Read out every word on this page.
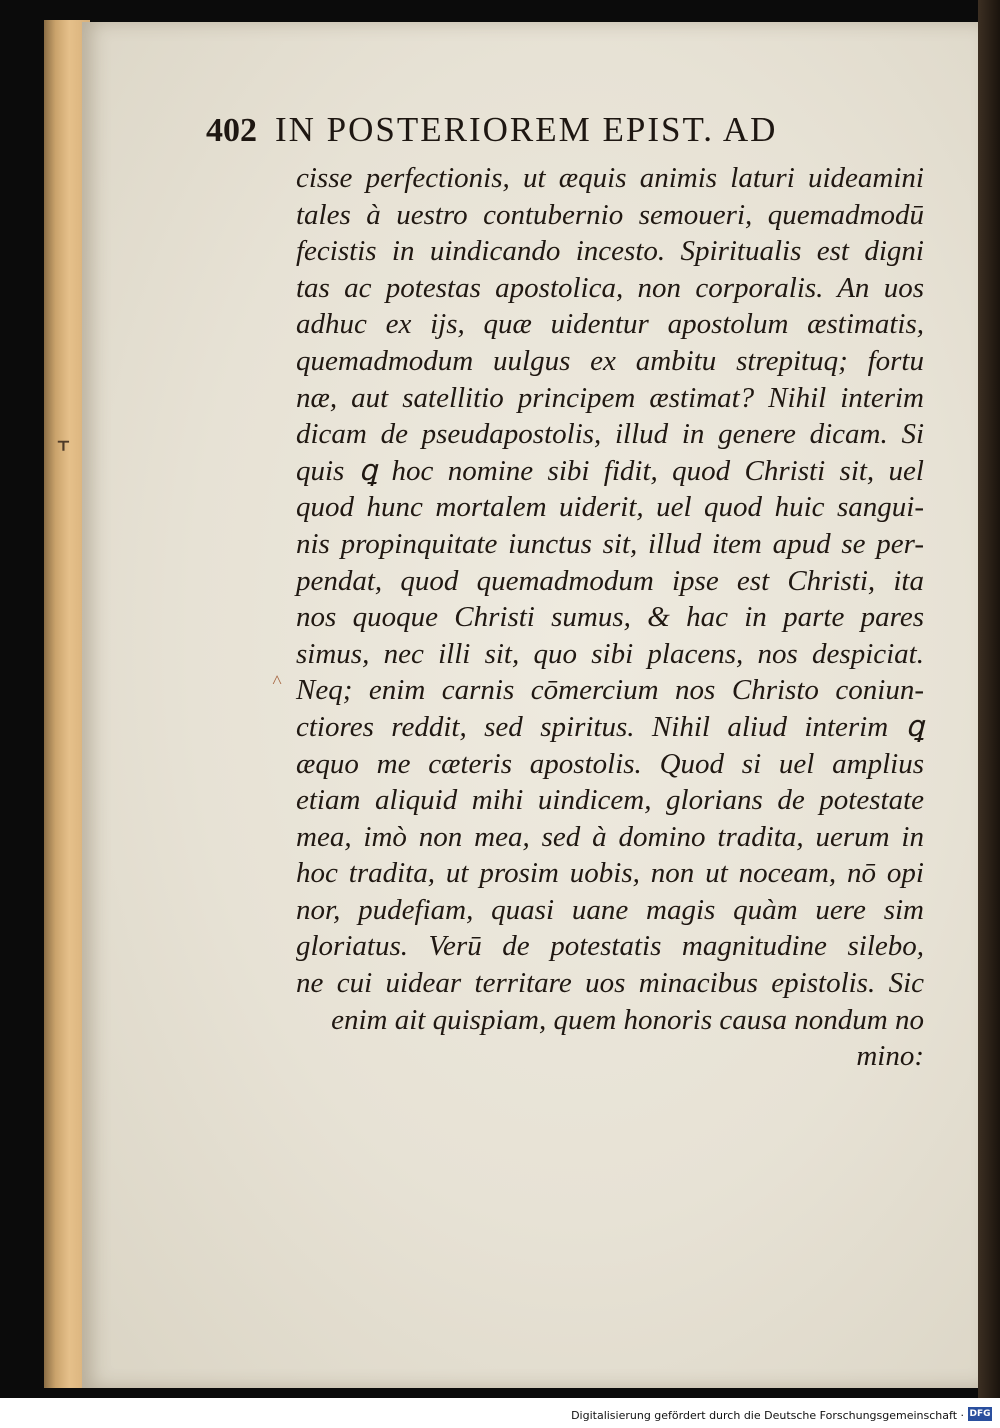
ᚁ
˄
402 IN POSTERIOREM EPIST. AD
cisse perfectionis, ut æquis animis laturi uideamini
tales à uestro contubernio semoueri, quemadmodū
fecistis in uindicando incesto. Spiritualis est digni
tas ac potestas apostolica, non corporalis. An uos
adhuc ex ijs, quæ uidentur apostolum æstimatis,
quemadmodum uulgus ex ambitu strepituq; fortu
næ, aut satellitio principem æstimat? Nihil interim
dicam de pseudapostolis, illud in genere dicam. Si
quis ꝗ hoc nomine sibi fidit, quod Christi sit, uel
quod hunc mortalem uiderit, uel quod huic sangui-
nis propinquitate iunctus sit, illud item apud se per-
pendat, quod quemadmodum ipse est Christi, ita
nos quoque Christi sumus, & hac in parte pares
simus, nec illi sit, quo sibi placens, nos despiciat.
Neq; enim carnis cōmercium nos Christo coniun-
ctiores reddit, sed spiritus. Nihil aliud interim ꝗ
æquo me cæteris apostolis. Quod si uel amplius
etiam aliquid mihi uindicem, glorians de potestate
mea, imò non mea, sed à domino tradita, uerum in
hoc tradita, ut prosim uobis, non ut noceam, nō opi
nor, pudefiam, quasi uane magis quàm uere sim
gloriatus. Verū de potestatis magnitudine silebo,
ne cui uidear territare uos minacibus epistolis. Sic
enim ait quispiam, quem honoris causa nondum no
mino:
Digitalisierung gefördert durch die Deutsche Forschungsgemeinschaft · DFG
